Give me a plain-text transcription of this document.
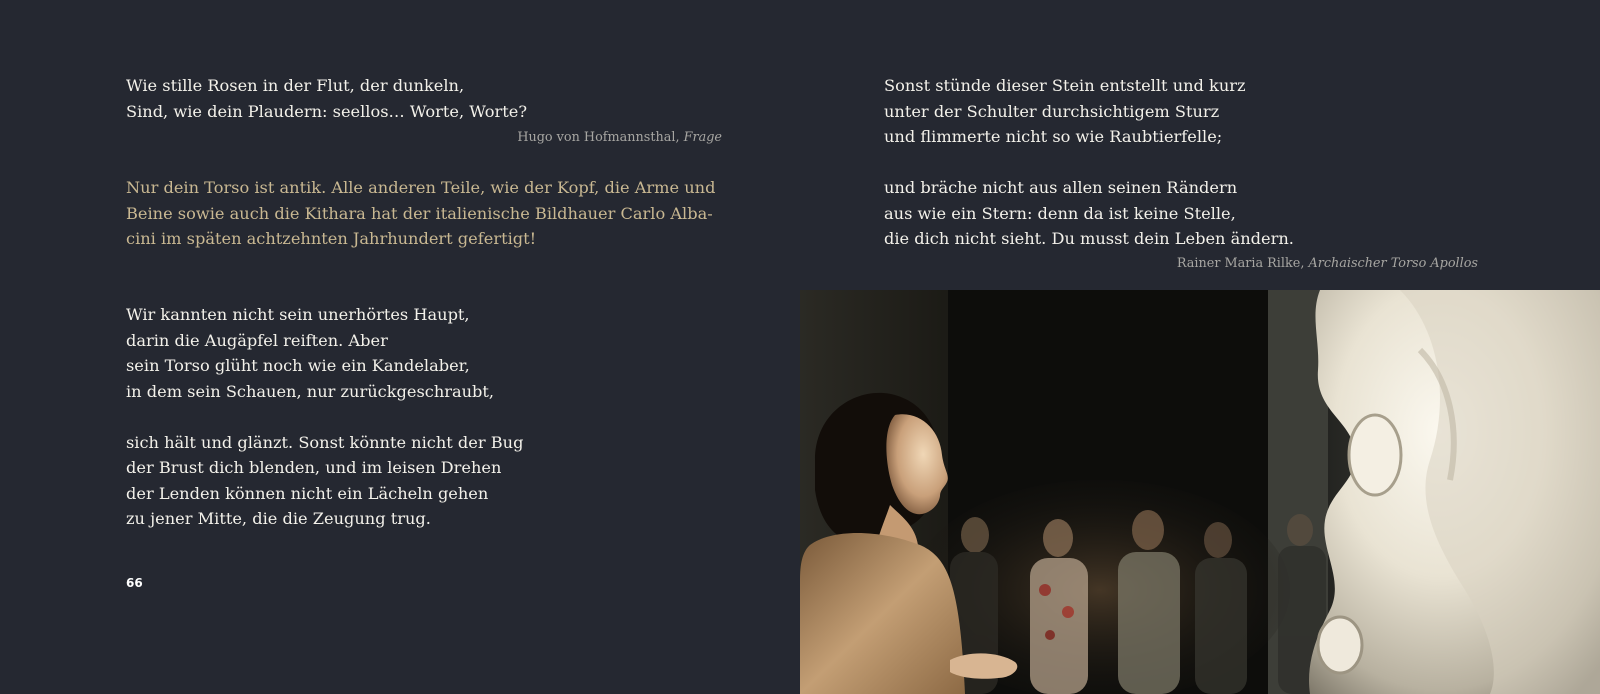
Wie stille Rosen in der Flut, der dunkeln,
Sind, wie dein Plaudern: seellos… Worte, Worte?
Hugo von Hofmannsthal, Frage
Nur dein Torso ist antik. Alle anderen Teile, wie der Kopf, die Arme und
Beine sowie auch die Kithara hat der italienische Bildhauer Carlo Alba-
cini im späten achtzehnten Jahrhundert gefertigt!
Wir kannten nicht sein unerhörtes Haupt,
darin die Augäpfel reiften. Aber
sein Torso glüht noch wie ein Kandelaber,
in dem sein Schauen, nur zurückgeschraubt,
sich hält und glänzt. Sonst könnte nicht der Bug
der Brust dich blenden, und im leisen Drehen
der Lenden können nicht ein Lächeln gehen
zu jener Mitte, die die Zeugung trug.
66
Sonst stünde dieser Stein entstellt und kurz
unter der Schulter durchsichtigem Sturz
und flimmerte nicht so wie Raubtierfelle;
und bräche nicht aus allen seinen Rändern
aus wie ein Stern: denn da ist keine Stelle,
die dich nicht sieht. Du musst dein Leben ändern.
Rainer Maria Rilke, Archaischer Torso Apollos
